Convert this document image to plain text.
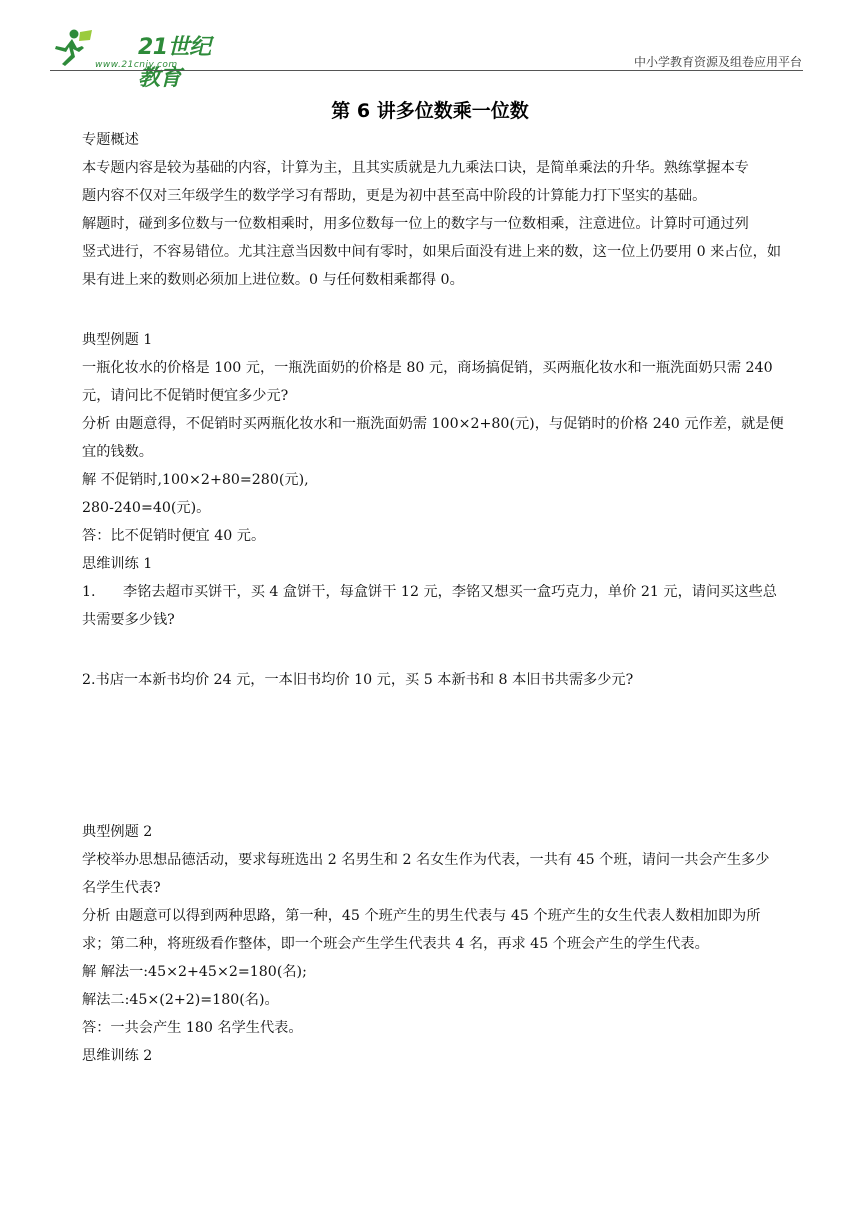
21世纪教育
www.21cnjy.com	中小学教育资源及组卷应用平台
第 6 讲多位数乘一位数

专题概述

本专题内容是较为基础的内容，计算为主，且其实质就是九九乘法口诀，是简单乘法的升华。熟练掌握本专

题内容不仅对三年级学生的数学学习有帮助，更是为初中甚至高中阶段的计算能力打下坚实的基础。

解题时，碰到多位数与一位数相乘时，用多位数每一位上的数字与一位数相乘，注意进位。计算时可通过列

竖式进行，不容易错位。尤其注意当因数中间有零时，如果后面没有进上来的数，这一位上仍要用 0 来占位，如

果有进上来的数则必须加上进位数。0 与任何数相乘都得 0。

典型例题 1

一瓶化妆水的价格是 100 元，一瓶洗面奶的价格是 80 元，商场搞促销，买两瓶化妆水和一瓶洗面奶只需 240

元，请问比不促销时便宜多少元?

分析 由题意得，不促销时买两瓶化妆水和一瓶洗面奶需 100×2+80(元)，与促销时的价格 240 元作差，就是便

宜的钱数。

解 不促销时,100×2+80=280(元),

280-240=40(元)。

答：比不促销时便宜 40 元。

思维训练 1

1. 李铭去超市买饼干，买 4 盒饼干，每盒饼干 12 元，李铭又想买一盒巧克力，单价 21 元，请问买这些总

共需要多少钱?

2.书店一本新书均价 24 元，一本旧书均价 10 元，买 5 本新书和 8 本旧书共需多少元?

典型例题 2

学校举办思想品德活动，要求每班选出 2 名男生和 2 名女生作为代表，一共有 45 个班，请问一共会产生多少

名学生代表?

分析 由题意可以得到两种思路，第一种，45 个班产生的男生代表与 45 个班产生的女生代表人数相加即为所

求；第二种，将班级看作整体，即一个班会产生学生代表共 4 名，再求 45 个班会产生的学生代表。

解 解法一:45×2+45×2=180(名);

解法二:45×(2+2)=180(名)。

答：一共会产生 180 名学生代表。

思维训练 2
